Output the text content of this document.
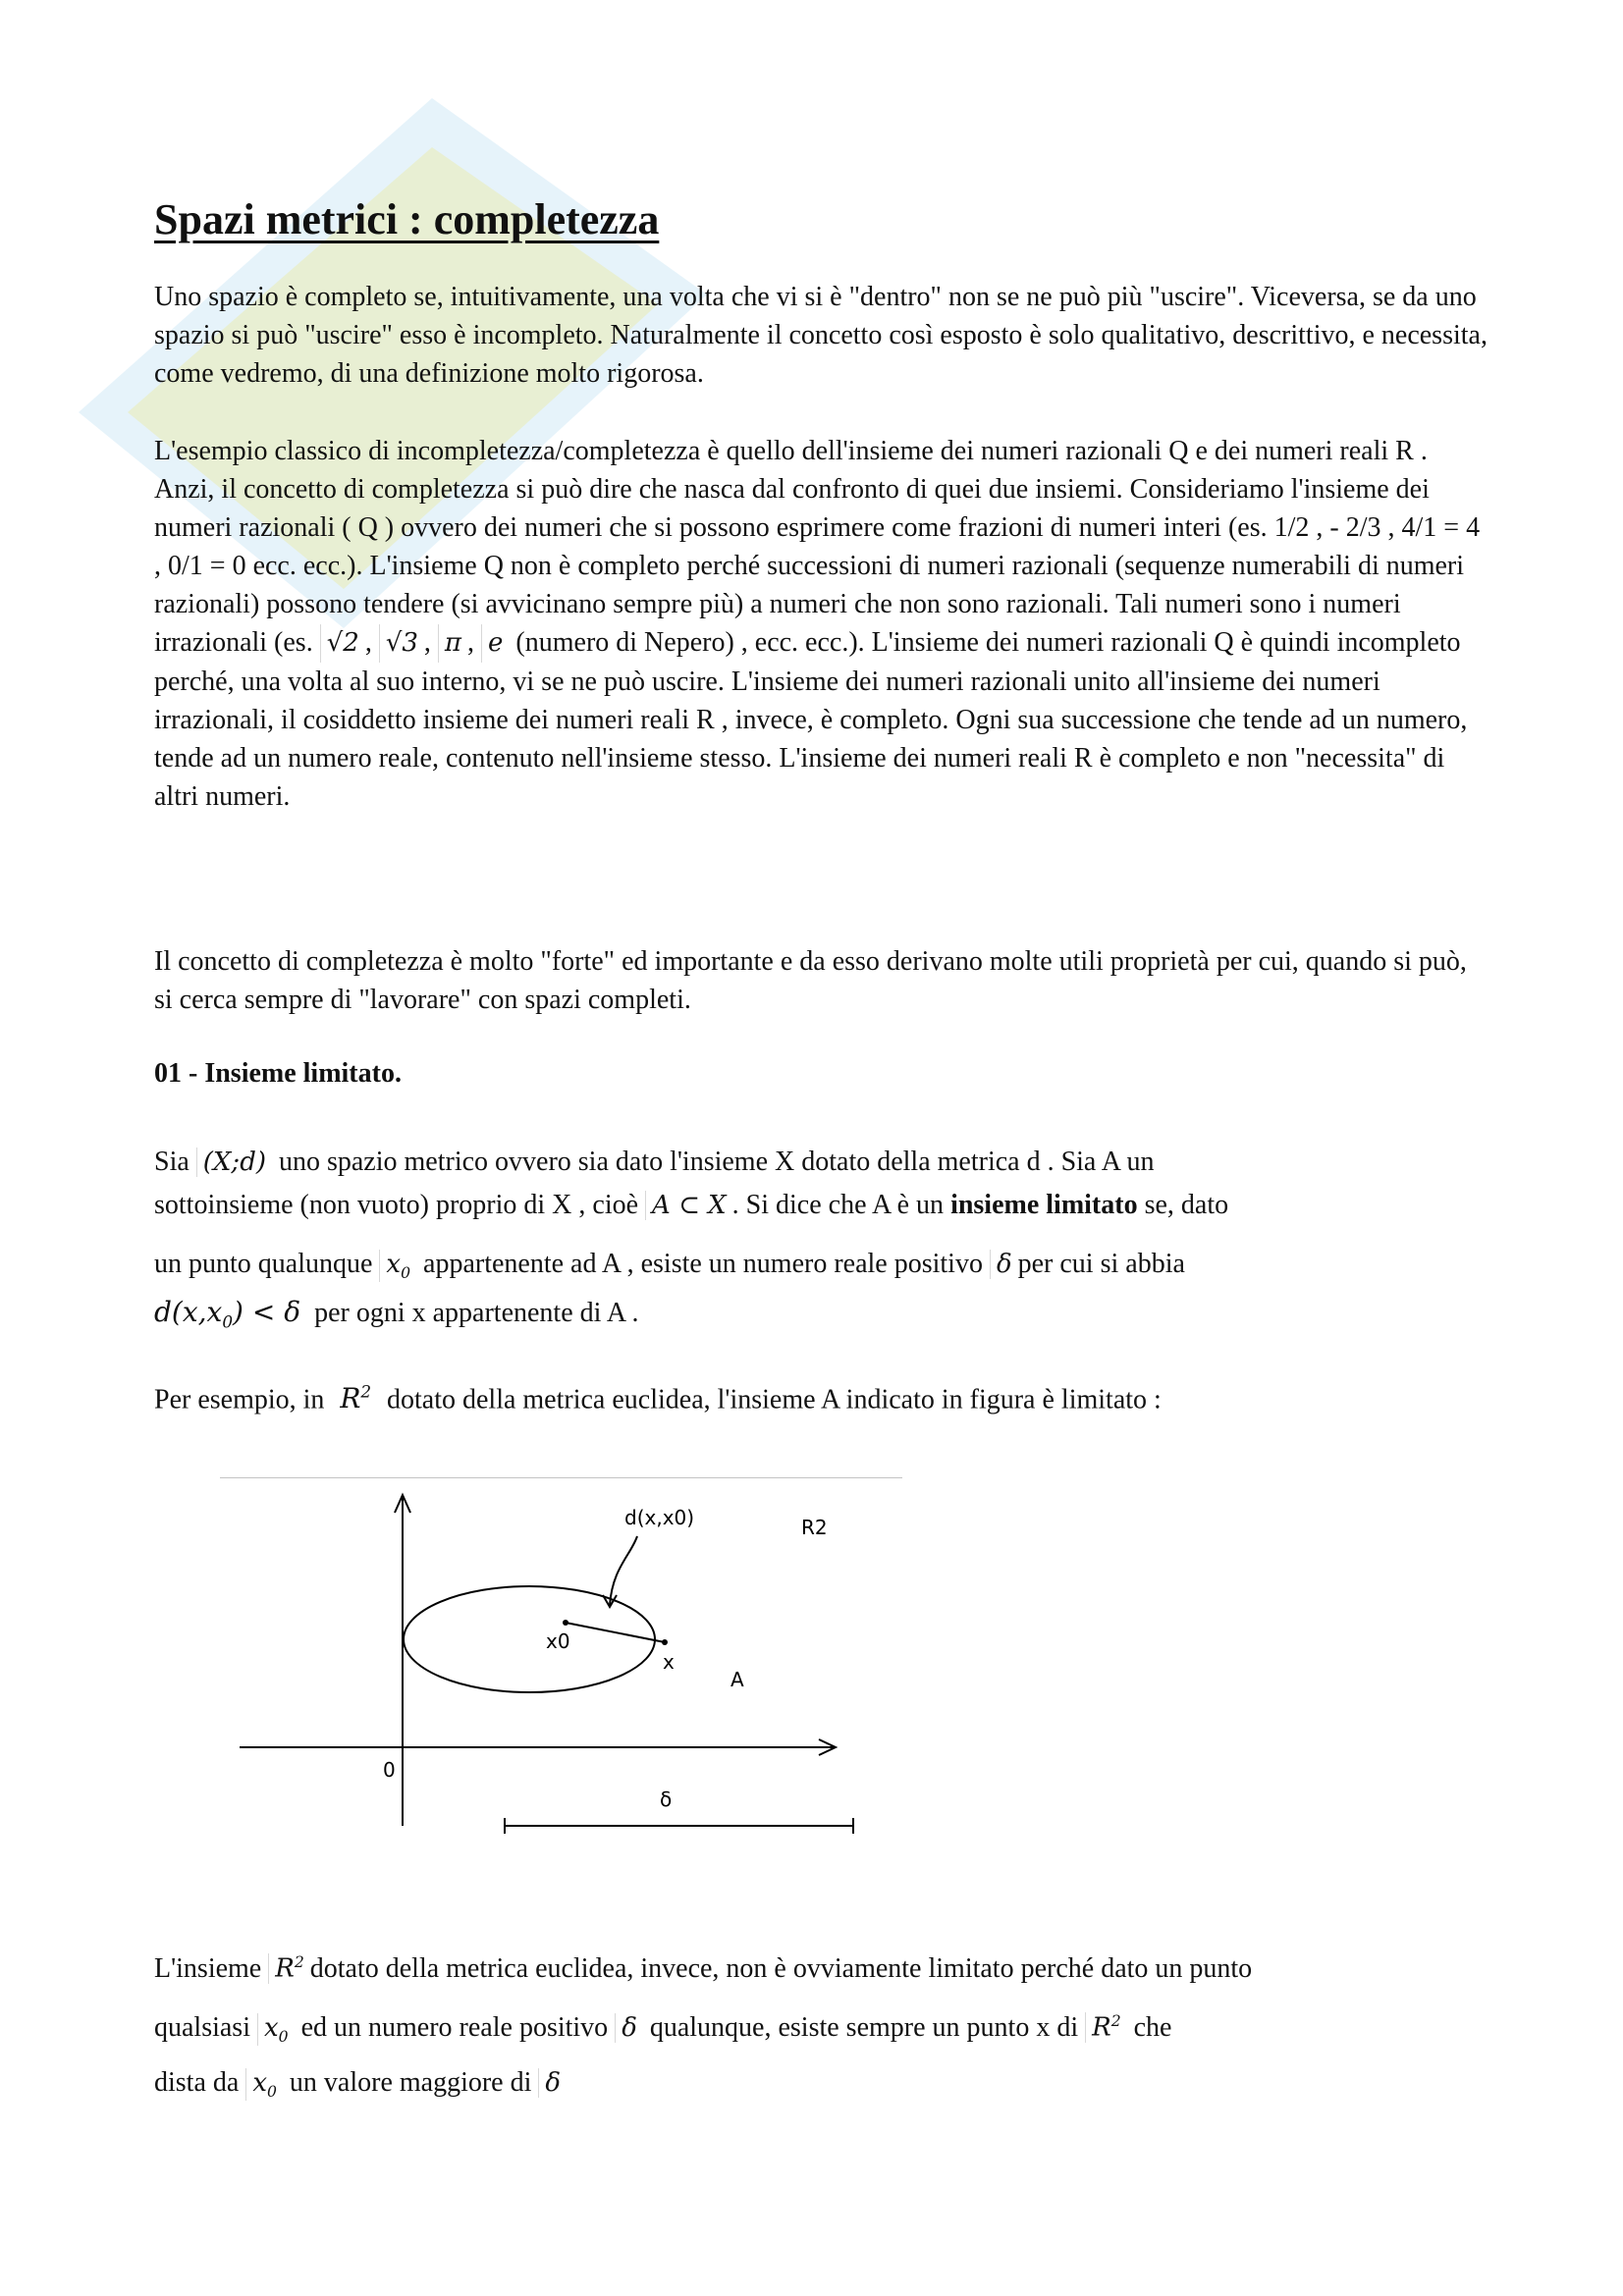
Spazi metrici : completezza

Uno spazio è completo se, intuitivamente, una volta che vi si è "dentro" non se ne può più "uscire". Viceversa, se da uno spazio si può "uscire" esso è incompleto. Naturalmente il concetto così esposto è solo qualitativo, descrittivo, e necessita, come vedremo, di una definizione molto rigorosa.

L'esempio classico di incompletezza/completezza è quello dell'insieme dei numeri razionali Q e dei numeri reali R . Anzi, il concetto di completezza si può dire che nasca dal confronto di quei due insiemi. Consideriamo l'insieme dei numeri razionali ( Q ) ovvero dei numeri che si possono esprimere come frazioni di numeri interi (es. 1/2 , - 2/3 , 4/1 = 4 , 0/1 = 0 ecc. ecc.). L'insieme Q non è completo perché successioni di numeri razionali (sequenze numerabili di numeri razionali) possono tendere (si avvicinano sempre più) a numeri che non sono razionali. Tali numeri sono i numeri irrazionali (es. √2 , √3 , π , e (numero di Nepero) , ecc. ecc.). L'insieme dei numeri razionali Q è quindi incompleto perché, una volta al suo interno, vi se ne può uscire. L'insieme dei numeri razionali unito all'insieme dei numeri irrazionali, il cosiddetto insieme dei numeri reali R , invece, è completo. Ogni sua successione che tende ad un numero, tende ad un numero reale, contenuto nell'insieme stesso. L'insieme dei numeri reali R è completo e non "necessita" di altri numeri.

Il concetto di completezza è molto "forte" ed importante e da esso derivano molte utili proprietà per cui, quando si può, si cerca sempre di "lavorare" con spazi completi.

01 - Insieme limitato.

Sia (X;d) uno spazio metrico ovvero sia dato l'insieme X dotato della metrica d . Sia A un
sottoinsieme (non vuoto) proprio di X , cioè A ⊂ X . Si dice che A è un insieme limitato se, dato
un punto qualunque $x_0$ appartenente ad A , esiste un numero reale positivo δ per cui si abbia
$d(x,x_0) < \delta$ per ogni x appartenente di A .
Per esempio, in  $R^2$ dotato della metrica euclidea, l'insieme A indicato in figura è limitato :
d(x,x0)	R2
x0
x
A
0
δ
L'insieme $R^2$ dotato della metrica euclidea, invece, non è ovviamente limitato perché dato un punto
qualsiasi $x_0$ ed un numero reale positivo δ qualunque, esiste sempre un punto x di $R^2$ che
dista da $x_0$ un valore maggiore di δ
